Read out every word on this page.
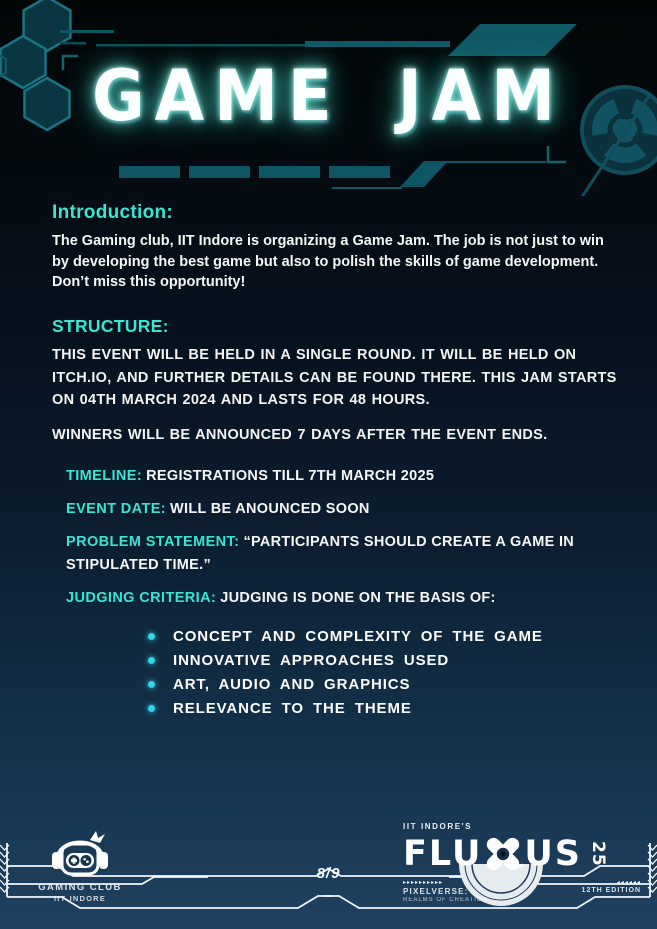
GAME JAM
Introduction:

The Gaming club, IIT Indore is organizing a Game Jam. The job is not just to win by developing the best game but also to polish the skills of game development. Don’t miss this opportunity!

STRUCTURE:

THIS EVENT WILL BE HELD IN A SINGLE ROUND. IT WILL BE HELD ON ITCH.IO, AND FURTHER DETAILS CAN BE FOUND THERE. THIS JAM STARTS ON 04TH MARCH 2024 AND LASTS FOR 48 HOURS.

WINNERS WILL BE ANNOUNCED 7 DAYS AFTER THE EVENT ENDS.

TIMELINE: REGISTRATIONS TILL 7TH MARCH 2025
EVENT DATE: WILL BE ANOUNCED SOON
PROBLEM STATEMENT: “PARTICIPANTS SHOULD CREATE A GAME IN STIPULATED TIME.”
JUDGING CRITERIA: JUDGING IS DONE ON THE BASIS OF:
CONCEPT AND COMPLEXITY OF THE GAME
INNOVATIVE APPROACHES USED
ART, AUDIO AND GRAPHICS
RELEVANCE TO THE THEME
GAMING CLUB
IIT INDORE
8/9
IIT INDORE'S
FLU US 25
▸▸▸▸▸▸▸▸▸▸	◂◂◂◂◂◂
PIXELVERSE:	12TH EDITION
REALMS OF CREATION
